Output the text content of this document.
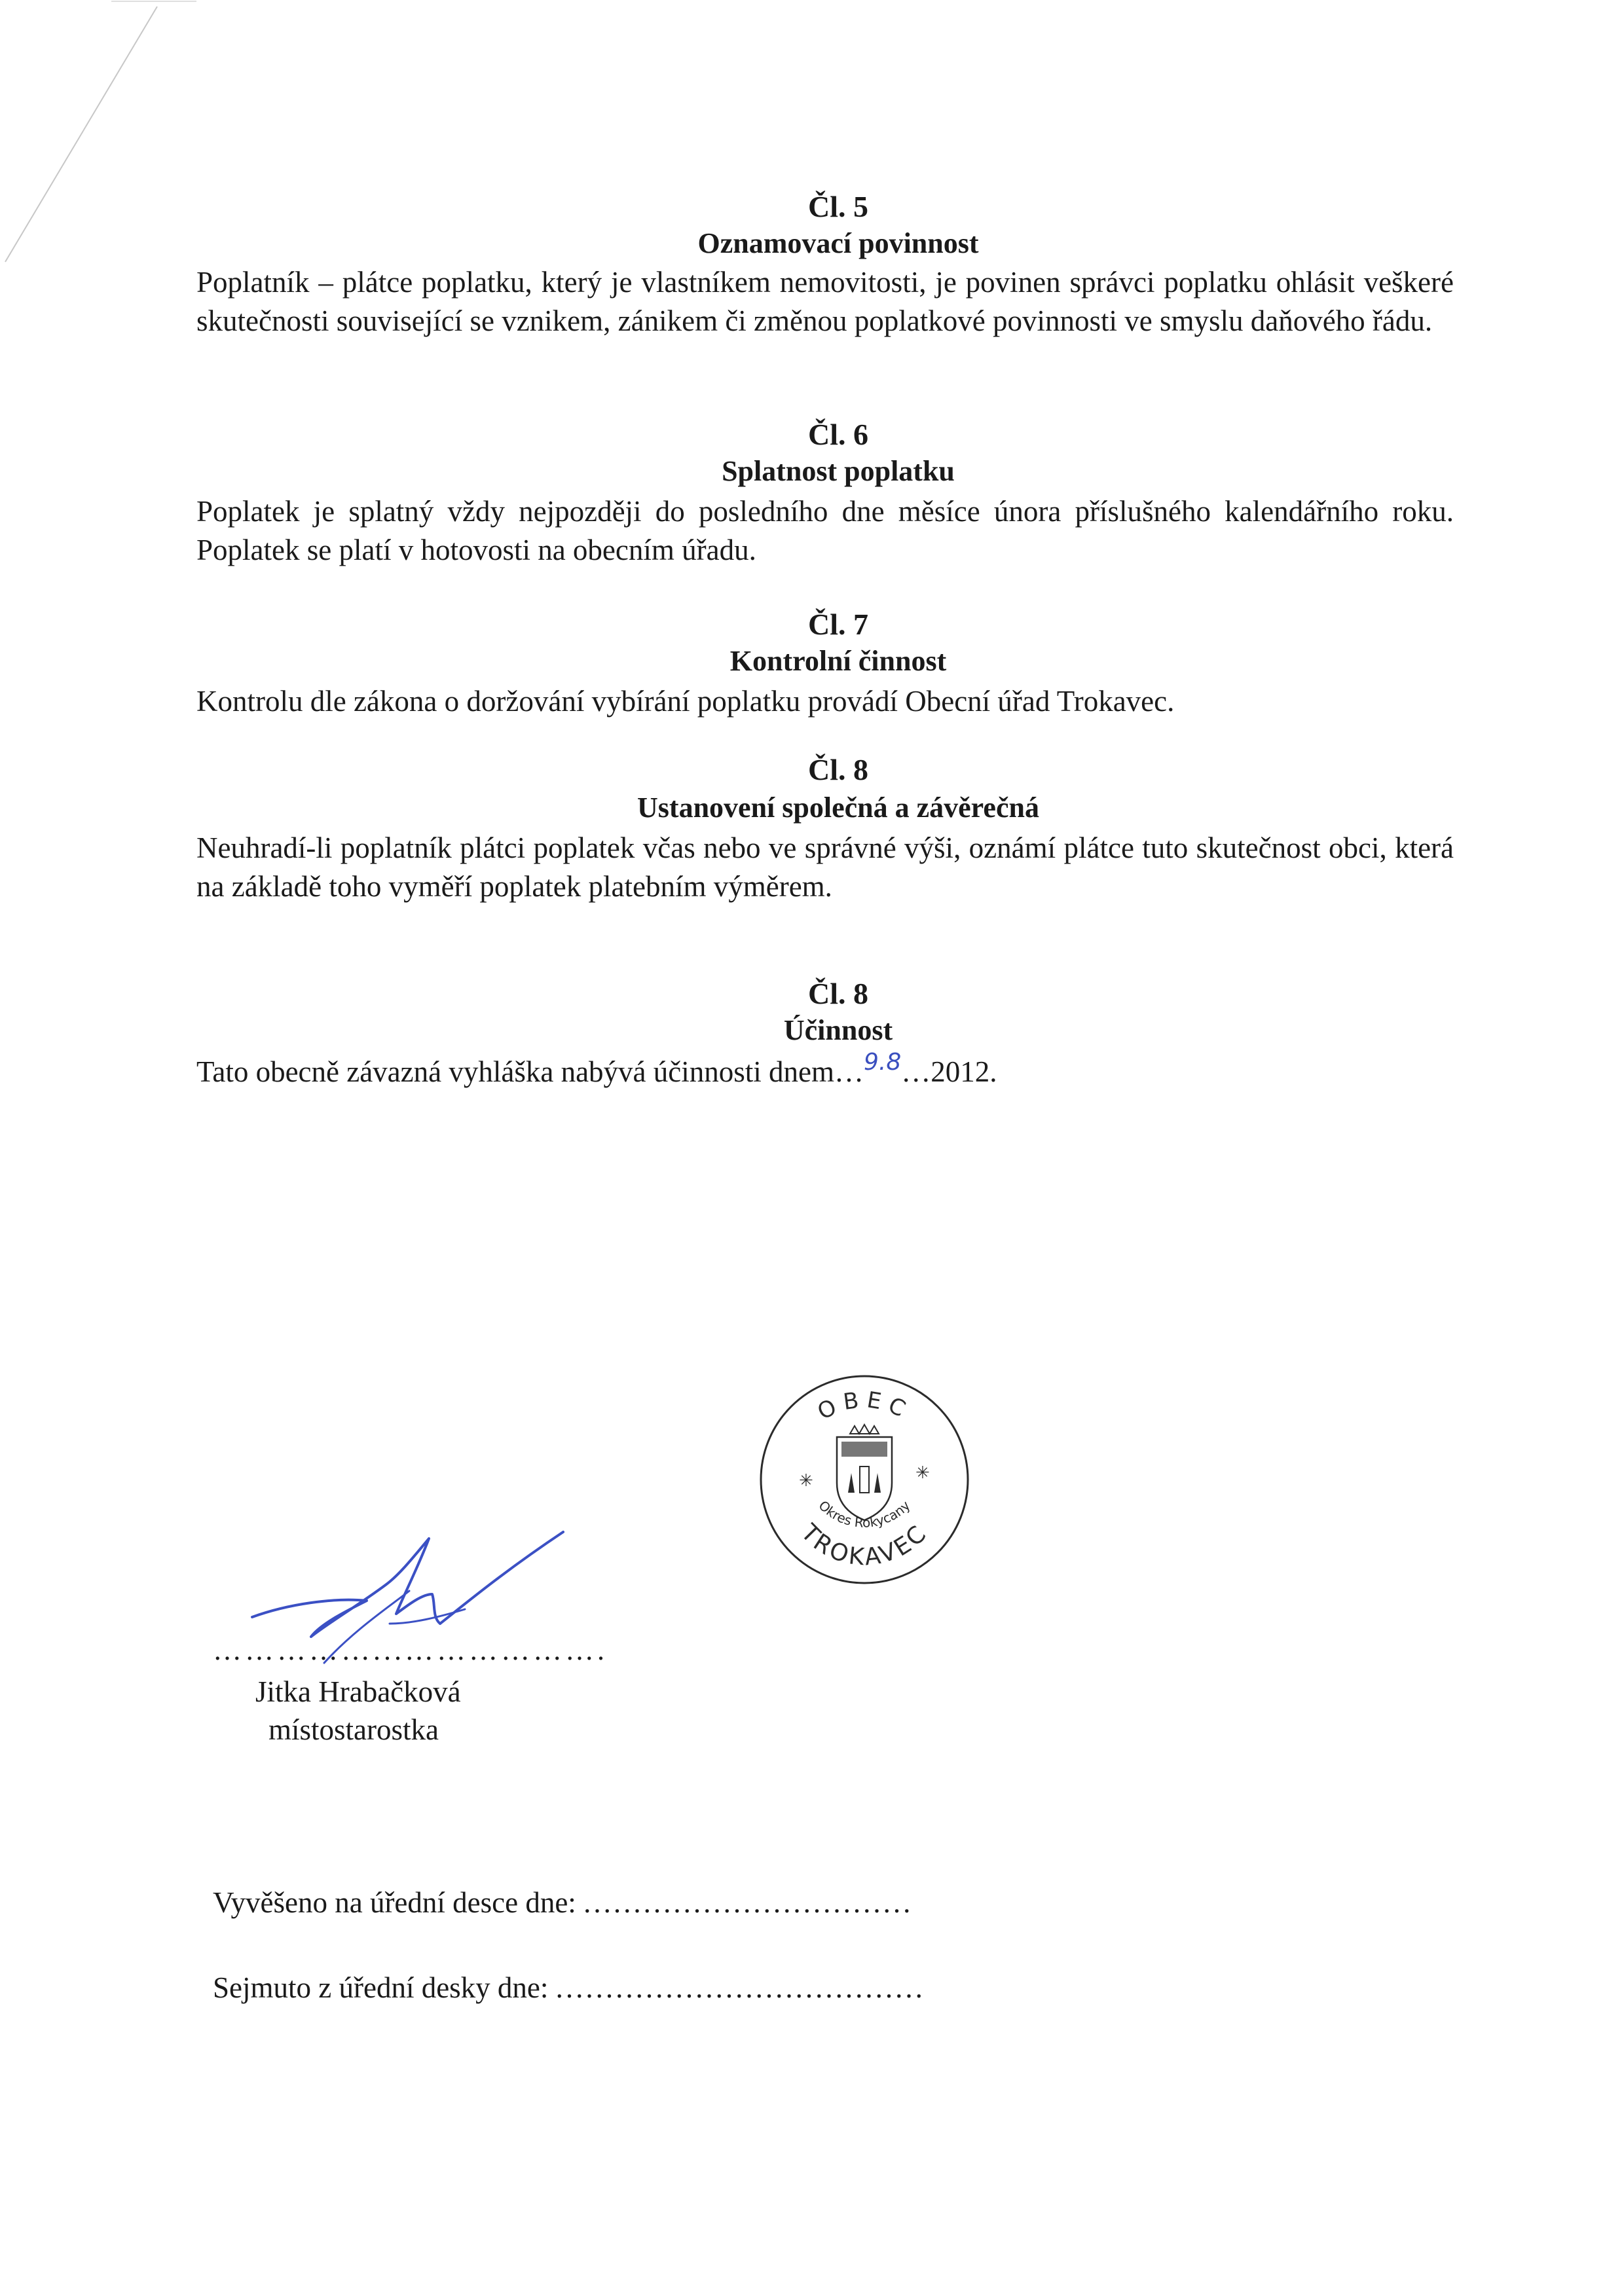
Čl. 5
Oznamovací povinnost
Poplatník – plátce poplatku, který je vlastníkem nemovitosti, je povinen správci poplatku ohlásit veškeré skutečnosti související se vznikem, zánikem či změnou poplatkové povinnosti ve smyslu daňového řádu.
Čl. 6
Splatnost poplatku
Poplatek je splatný vždy nejpozději do posledního dne měsíce února příslušného kalendářního roku. Poplatek se platí v hotovosti na obecním úřadu.
Čl. 7
Kontrolní činnost
Kontrolu dle zákona o doržování vybírání poplatku provádí Obecní úřad Trokavec.
Čl. 8
Ustanovení společná a závěrečná
Neuhradí-li poplatník plátci poplatek včas nebo ve správné výši, oznámí plátce tuto skutečnost obci, která na základě toho vyměří poplatek platebním výměrem.
Čl. 8
Účinnost
Tato obecně závazná vyhláška nabývá účinnosti dnem…$^{9.8}$…2012.
OBEC
Okres Rokycany
TROKAVEC
✳	✳
……………...……………….
Jitka Hrabačková
místostarostka
Vyvěšeno na úřední desce dne: .................................
Sejmuto z úřední desky dne: .....................................
